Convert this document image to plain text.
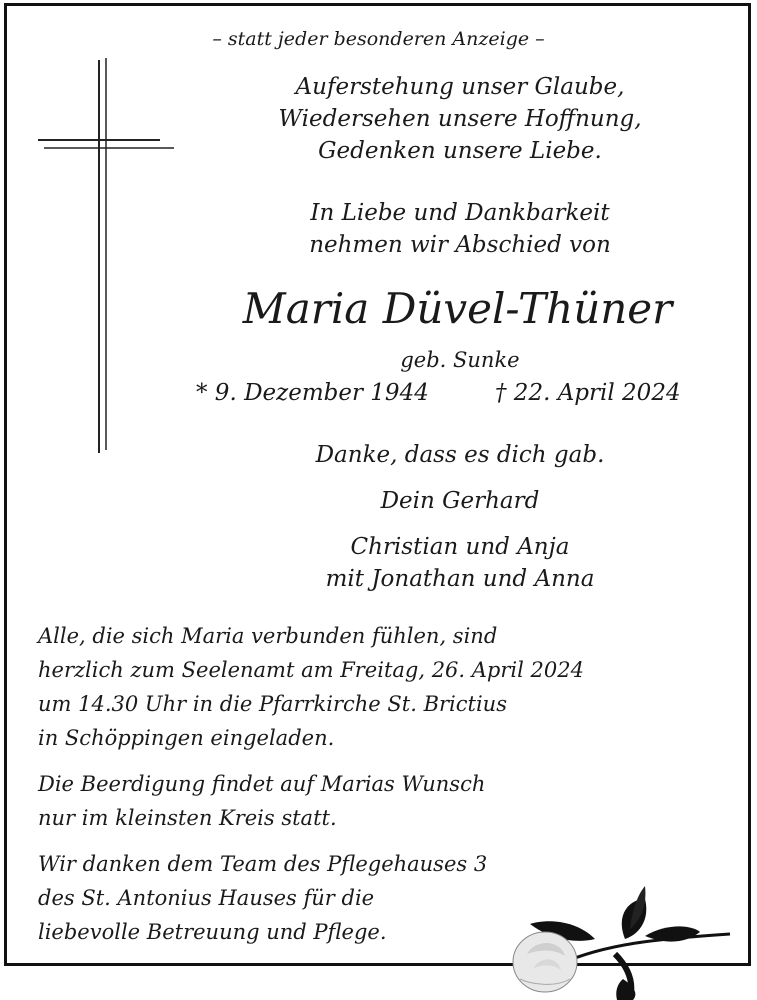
– statt jeder besonderen Anzeige –
Auferstehung unser Glaube,
Wiedersehen unsere Hoffnung,
Gedenken unsere Liebe.
In Liebe und Dankbarkeit
nehmen wir Abschied von
Maria Düvel-Thüner
geb. Sunke
* 9. Dezember 1944	† 22. April 2024
Danke, dass es dich gab.
Dein Gerhard
Christian und Anja
mit Jonathan und Anna
Alle, die sich Maria verbunden fühlen, sind
herzlich zum Seelenamt am Freitag, 26. April 2024
um 14.30 Uhr in die Pfarrkirche St. Brictius
in Schöppingen eingeladen.
Die Beerdigung findet auf Marias Wunsch
nur im kleinsten Kreis statt.
Wir danken dem Team des Pflegehauses 3
des St. Antonius Hauses für die
liebevolle Betreuung und Pflege.
